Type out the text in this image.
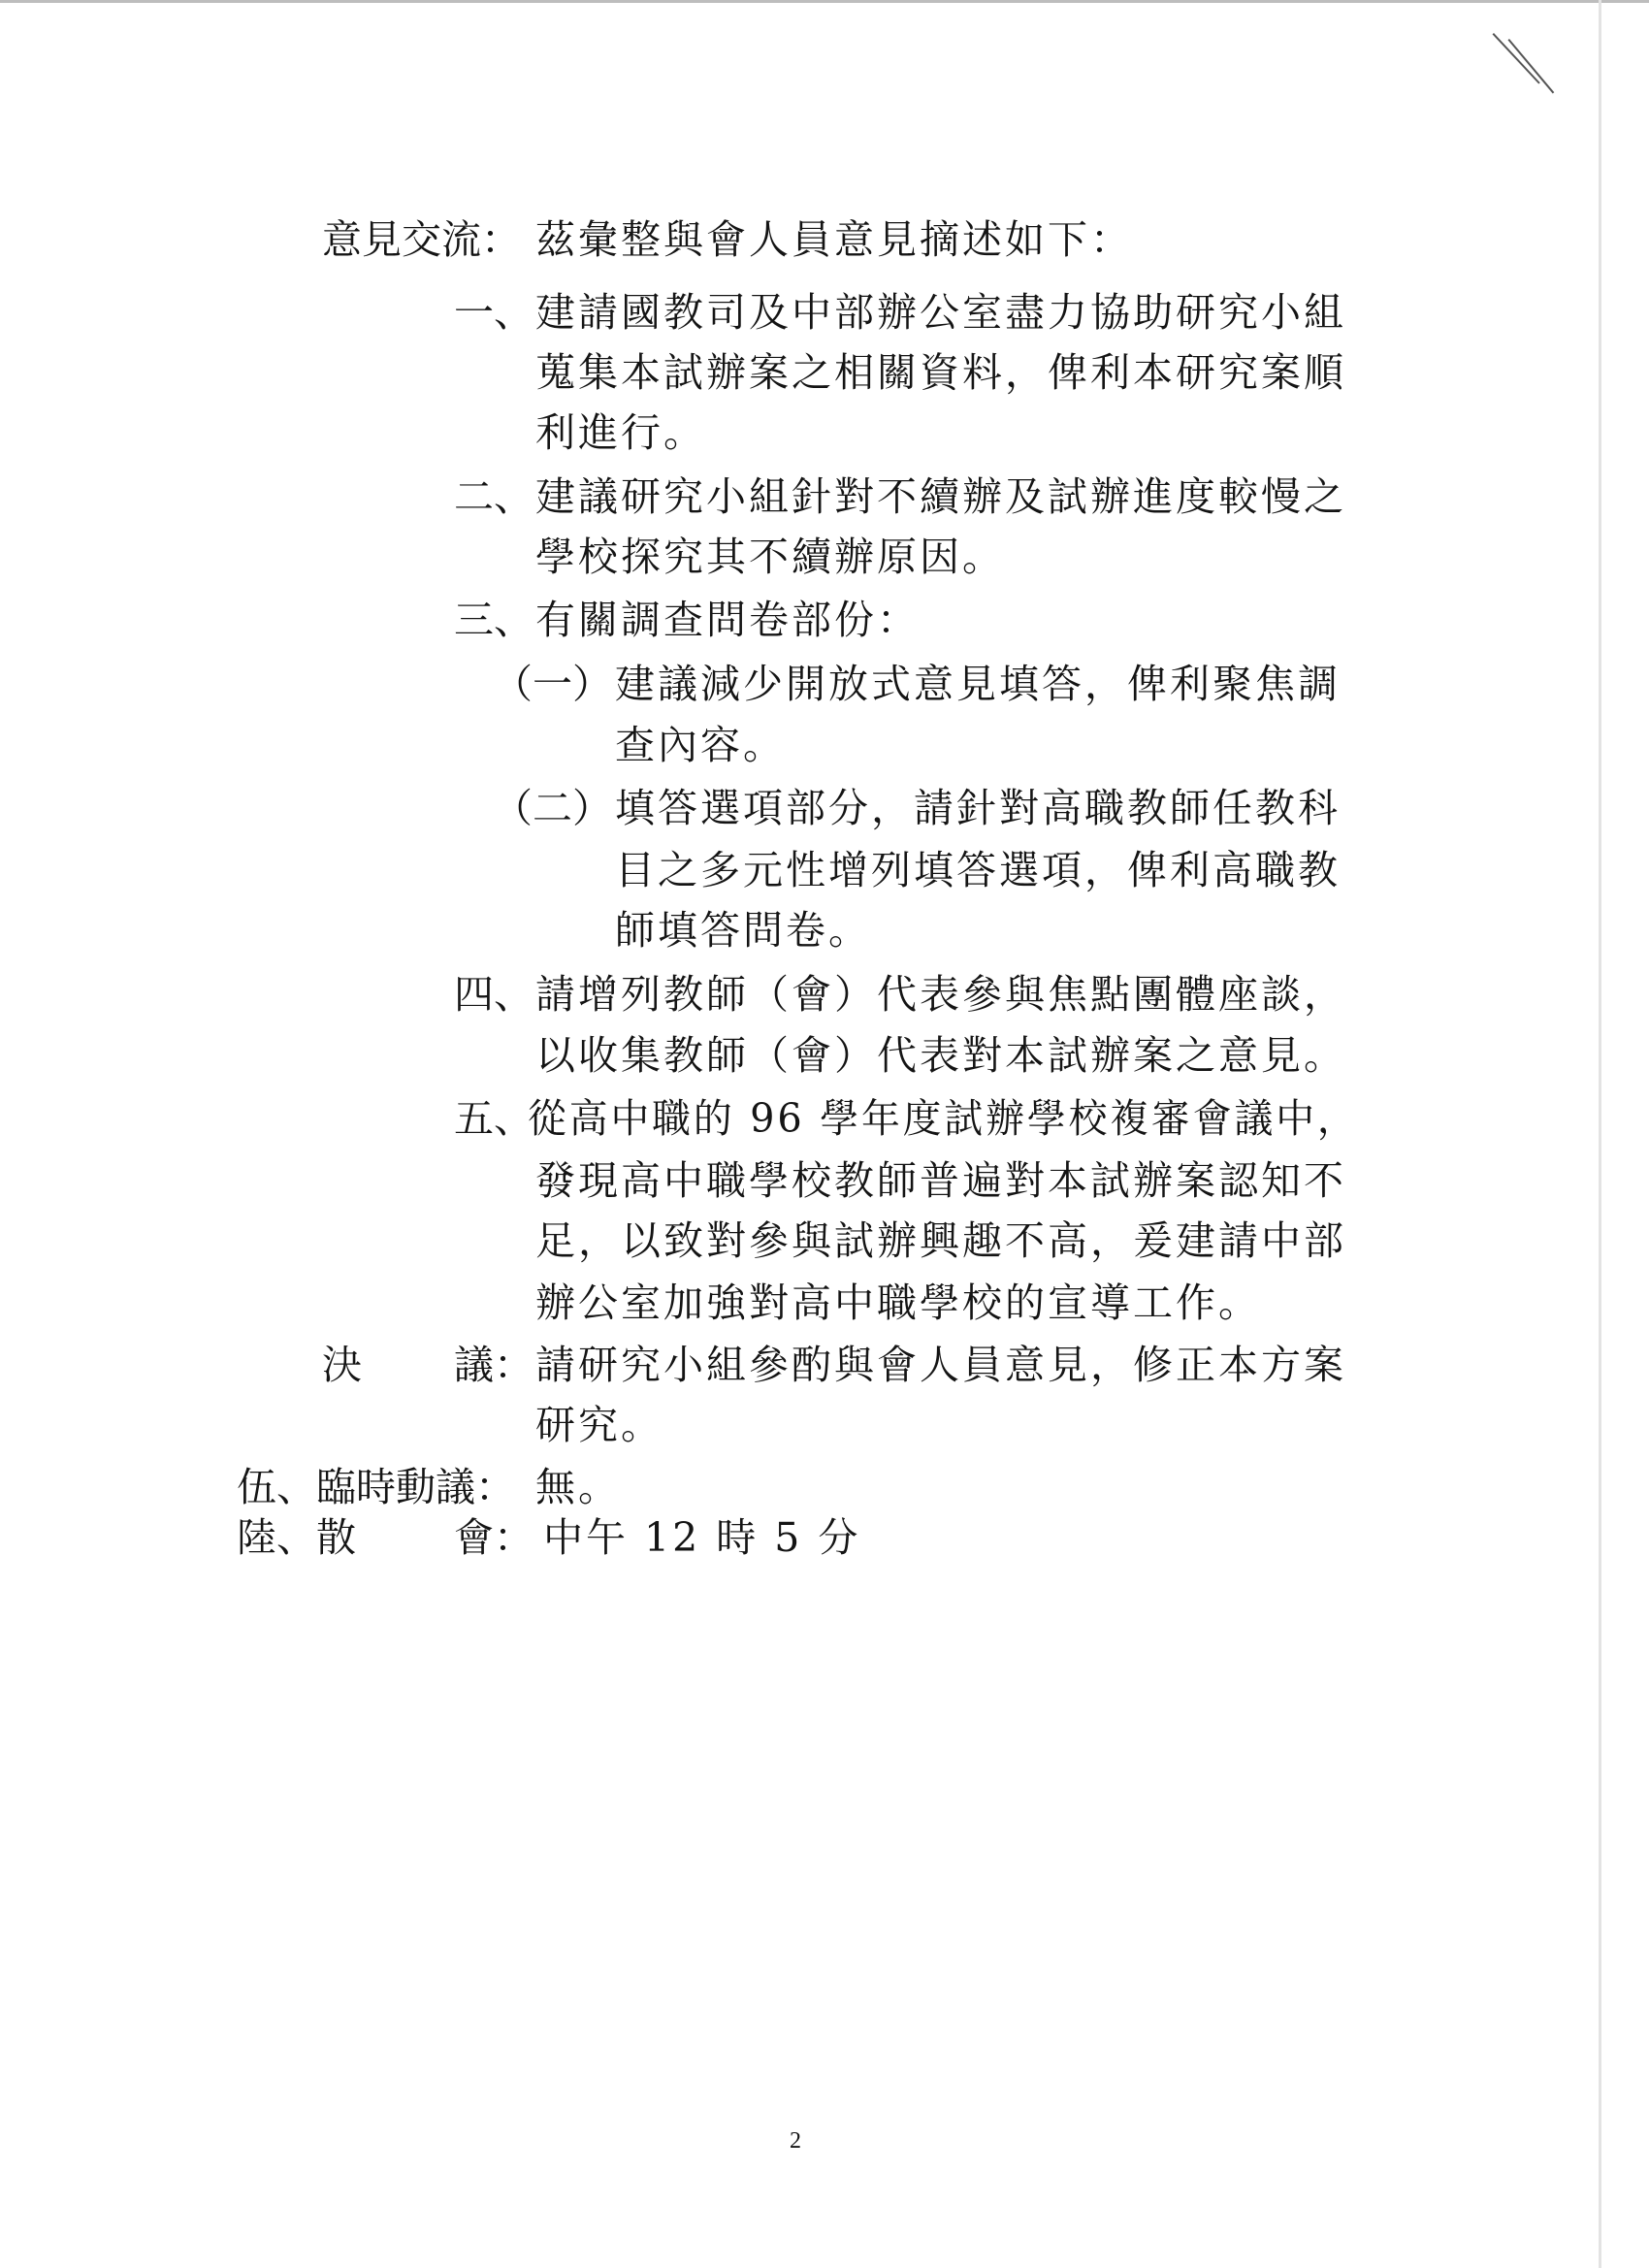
意見交流： 茲彙整與會人員意見摘述如下：
一、 建請國教司及中部辦公室盡力協助研究小組
蒐集本試辦案之相關資料，俾利本研究案順
利進行。
二、 建議研究小組針對不續辦及試辦進度較慢之
學校探究其不續辦原因。
三、 有關調查問卷部份：
（一） 建議減少開放式意見填答，俾利聚焦調
查內容。
（二） 填答選項部分，請針對高職教師任教科
目之多元性增列填答選項，俾利高職教
師填答問卷。
四、 請增列教師（會）代表參與焦點團體座談，
以收集教師（會）代表對本試辦案之意見。
五、
從高中職的 96 學年度試辦學校複審會議中，
發現高中職學校教師普遍對本試辦案認知不
足，以致對參與試辦興趣不高，爰建請中部
辦公室加強對高中職學校的宣導工作。
決 議： 請研究小組參酌與會人員意見，修正本方案
研究。
伍、臨時動議： 無。
陸、散 會： 中午 12 時 5 分
2
